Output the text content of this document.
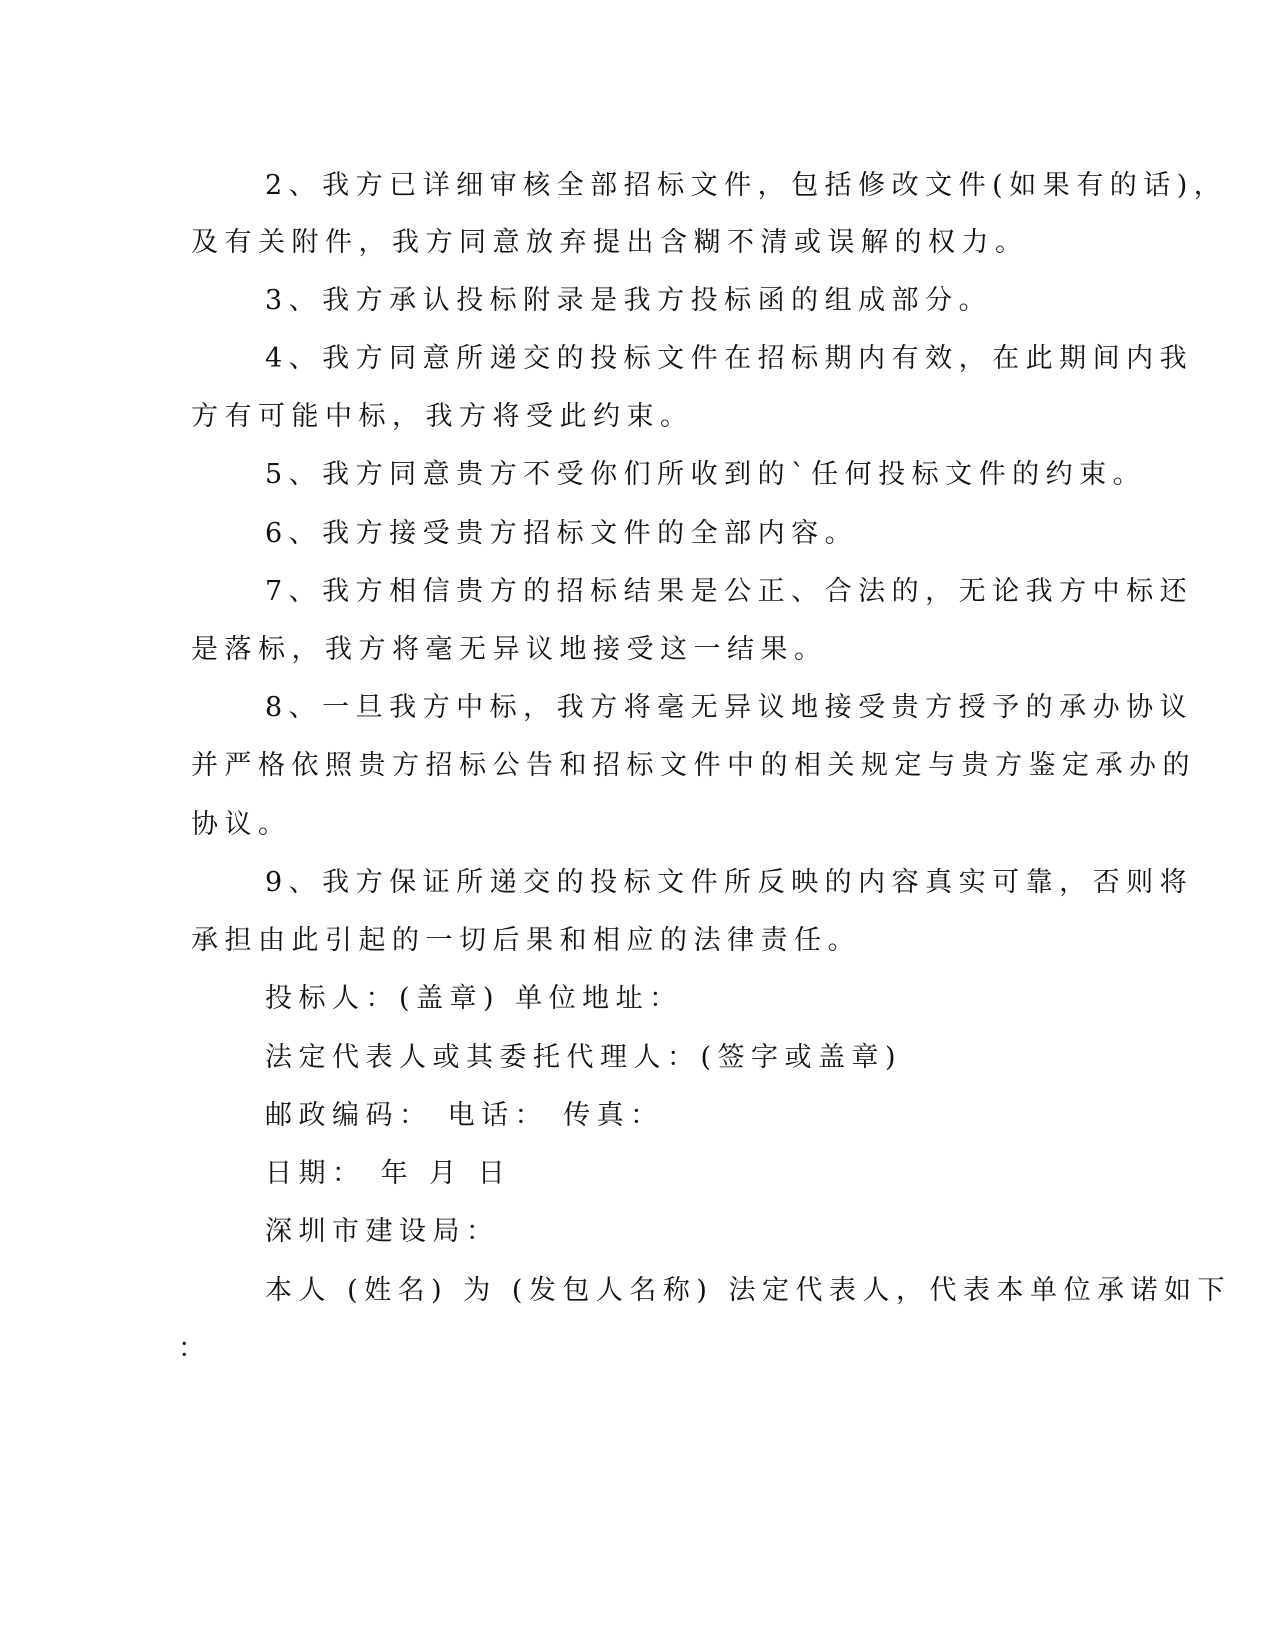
2、我方已详细审核全部招标文件，包括修改文件(如果有的话)，
及有关附件，我方同意放弃提出含糊不清或误解的权力。
3、我方承认投标附录是我方投标函的组成部分。
4、我方同意所递交的投标文件在招标期内有效，在此期间内我
方有可能中标，我方将受此约束。
5、我方同意贵方不受你们所收到的`任何投标文件的约束。
6、我方接受贵方招标文件的全部内容。
7、我方相信贵方的招标结果是公正、合法的，无论我方中标还
是落标，我方将毫无异议地接受这一结果。
8、一旦我方中标，我方将毫无异议地接受贵方授予的承办协议
并严格依照贵方招标公告和招标文件中的相关规定与贵方鉴定承办的
协议。
9、我方保证所递交的投标文件所反映的内容真实可靠，否则将
承担由此引起的一切后果和相应的法律责任。
投标人：(盖章) 单位地址：
法定代表人或其委托代理人：(签字或盖章)
邮政编码： 电话： 传真：
日期： 年 月 日
深圳市建设局：
本人 (姓名) 为 (发包人名称) 法定代表人，代表本单位承诺如下
：
